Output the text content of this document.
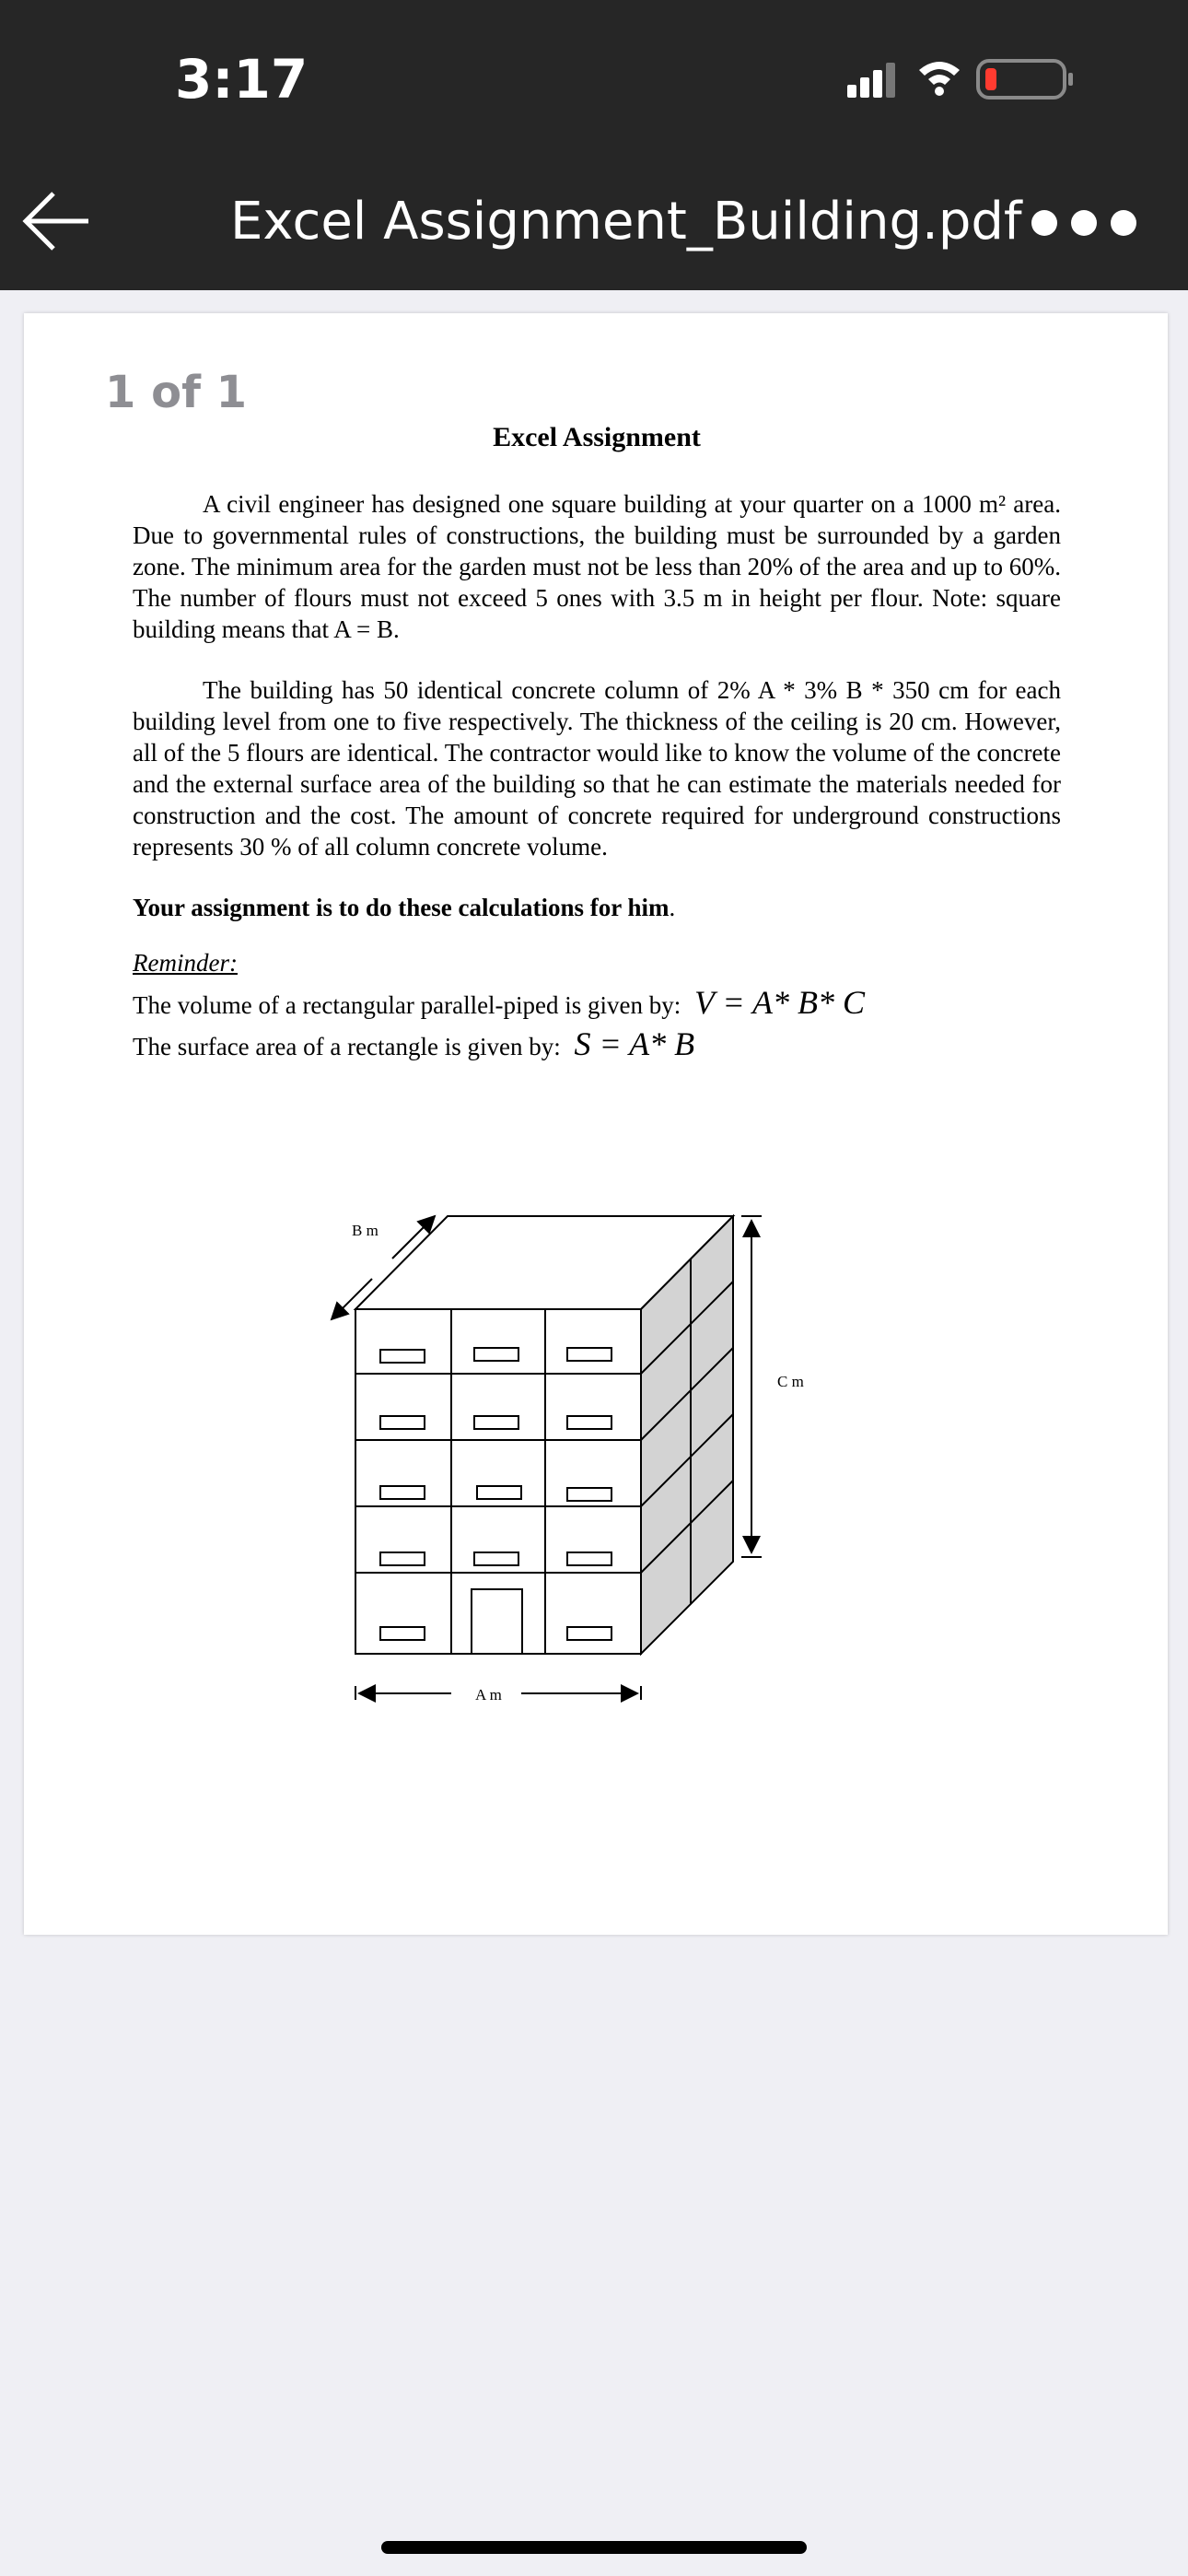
3:17
Excel Assignment_Building.pdf
1 of 1
Excel Assignment

A civil engineer has designed one square building at your quarter on a 1000 m² area. Due to governmental rules of constructions, the building must be surrounded by a garden zone. The minimum area for the garden must not be less than 20% of the area and up to 60%. The number of flours must not exceed 5 ones with 3.5 m in height per flour. Note: square building means that A = B.

The building has 50 identical concrete column of 2% A * 3% B * 350 cm for each building level from one to five respectively. The thickness of the ceiling is 20 cm. However, all of the 5 flours are identical. The contractor would like to know the volume of the concrete and the external surface area of the building so that he can estimate the materials needed for construction and the cost. The amount of concrete required for underground constructions represents 30 % of all column concrete volume.

Your assignment is to do these calculations for him.

Reminder:
The volume of a rectangular parallel-piped is given by: V = A* B* C
The surface area of a rectangle is given by: S = A* B
B m
C m
A m
